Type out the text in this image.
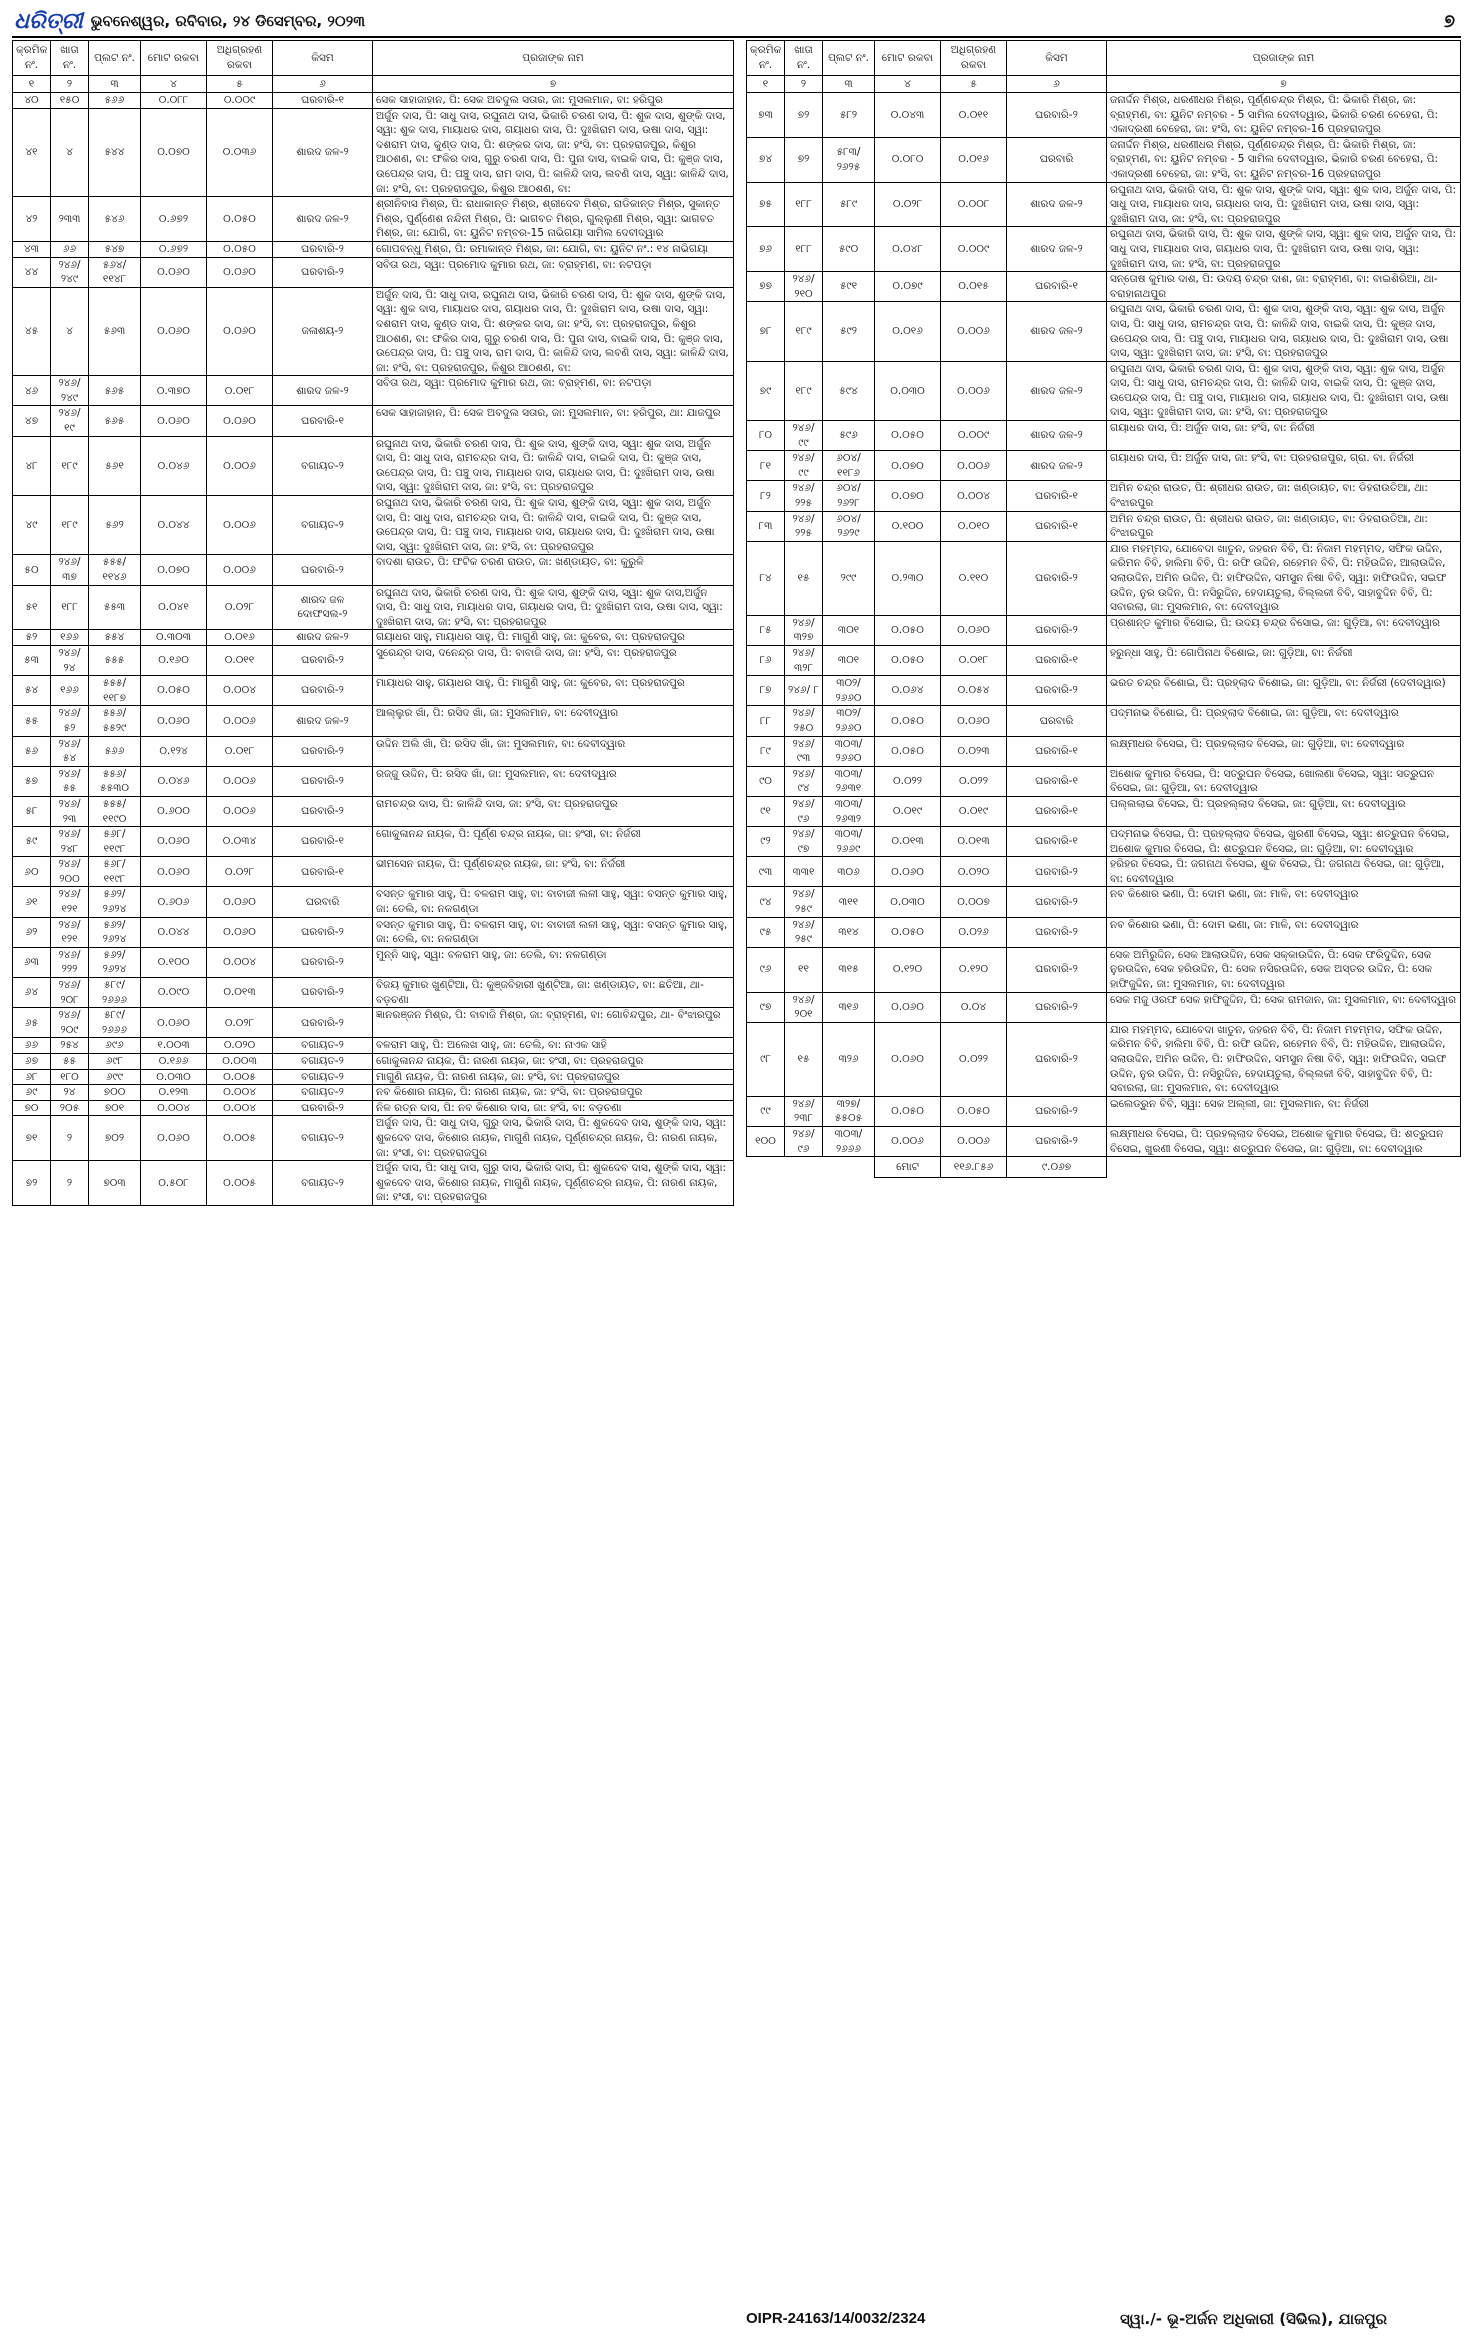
ଧରିତ୍ରୀ ଭୁବନେଶ୍ୱର, ରବିବାର, ୨୪ ଡିସେମ୍ବର, ୨୦୨୩	୭
କ୍ରମିକ ନଂ.	ଖାତା ନଂ.	ପ୍ଲଟ ନଂ.	ମୋଟ ରକବା	ଅଧିଗ୍ରହଣ ରକବା	କିସମ	ପ୍ରଜାଙ୍କ ନାମ
୧	୨	୩	୪	୫	୬	୭
୪୦	୧୫୦	୫୬୬	୦.୦୮୮	୦.୦୦୯	ଘରବାରି-୧	ସେକ ସାହାଜାହାନ, ପି: ସେକ ଅବଦୁଲ ସତାର, ଜା: ମୁସଲମାନ, ବା: ହରିପୁର
୪୧	୪	୫୪୪	୦.୦୭୦	୦.୦୩୬	ଶାରଦ ଜଳ-୨	ଅର୍ଜୁନ ଦାସ, ପି: ସାଧୁ ଦାସ, ରଘୁନାଥ ଦାସ, ଭିକାରି ଚରଣ ଦାସ, ପି: ଶୁକ ଦାସ, ଶୁଙ୍କି ଦାସ, ସ୍ୱା: ଶୁକ ଦାସ, ମାୟାଧର ଦାସ, ଗୟାଧର ଦାସ, ପି: ଦୁଃଖିରାମ ଦାସ, ଉଷା ଦାସ, ସ୍ୱା: ଦଶରାମ ଦାସ, କୁଣ୍ଡ ଦାସ, ପି: ଶଙ୍କର ଦାସ, ଜା: ହଂସି, ବା: ପ୍ରହରାଜପୁର, କିଶୁର ଆଠଶଣ, ବା: ଫକିର ଦାସ, ଗୁରୁ ଚରଣ ଦାସ, ପି: ପୁନା ଦାସ, ବାଇକି ଦାସ, ପି: କୁଞ୍ଜ ଦାସ, ଉପେନ୍ଦ୍ର ଦାସ, ପି: ପଞ୍ଚୁ ଦାସ, ରାମ ଦାସ, ପି: କାଳିନ୍ଦି ଦାସ, ଲବଣି ଦାସ, ସ୍ୱା: କାଳିନ୍ଦି ଦାସ, ଜା: ହଂସି, ବା: ପ୍ରହରାଜପୁର, କିଶୁର ଆଠଶଣ, ବା:
୪୨	୨୩୩	୫୪୬	୦.୬୭୨	୦.୦୫୦	ଶାରଦ ଜଳ-୨	ଶ୍ରୀନିବାସ ମିଶ୍ର, ପି: ରାଧାକାନ୍ତ ମିଶ୍ର, ଶ୍ରୀଦେବ ମିଶ୍ର, ରାଡିକାନ୍ତ ମିଶ୍ର, ସୁକାନ୍ତ ମିଶ୍ର, ପୁର୍ଣ୍ଣେଶ ନନ୍ଦିନୀ ମିଶ୍ର, ପି: ଭାଗବତ ମିଶ୍ର, ଗୁଲ୍ଲୁଣୀ ମିଶ୍ର, ସ୍ୱା: ଭାଗବତ ମିଶ୍ର, ଜା: ଯୋଗି, ବା: ୟୁନିଟ ନମ୍ବର-15 ନାଭିଗୟା ସାମିଲ ଦେବୀଦ୍ୱାର
୪୩	୬୬	୫୪୭	୦.୬୭୨	୦.୦୫୦	ଘରବାରି-୨	ଗୋପବନ୍ଧୁ ମିଶ୍ର, ପି: ରମାକାନ୍ତ ମିଶ୍ର, ଜା: ଯୋଗି, ବା: ୟୁନିଟ ନଂ.: ୧୪ ନାଭିଗୟା
୪୪	୨୪୬/ ୨୪୯	୫୬୪/ ୧୧୪୮	୦.୦୬୦	୦.୦୬୦	ଘରବାରି-୨	ସବିତା ରଥ, ସ୍ୱା: ପ୍ରମୋଦ କୁମାର ରଥ, ଜା: ବ୍ରାହ୍ମଣ, ବା: ନଟପଡ଼ା
୪୫	୪	୫୬୩	୦.୦୬୦	୦.୦୬୦	ଜଳାଶୟ-୨	ଅର୍ଜୁନ ଦାସ, ପି: ସାଧୁ ଦାସ, ରଘୁନାଥ ଦାସ, ଭିକାରି ଚରଣ ଦାସ, ପି: ଶୁକ ଦାସ, ଶୁଙ୍କି ଦାସ, ସ୍ୱା: ଶୁକ ଦାସ, ମାୟାଧର ଦାସ, ଗୟାଧର ଦାସ, ପି: ଦୁଃଖିରାମ ଦାସ, ଉଷା ଦାସ, ସ୍ୱା: ଦଶରାମ ଦାସ, କୁଣ୍ଡ ଦାସ, ପି: ଶଙ୍କର ଦାସ, ଜା: ହଂସି, ବା: ପ୍ରହରାଜପୁର, କିଶୁର ଆଠଶଣ, ବା: ଫକିର ଦାସ, ଗୁରୁ ଚରଣ ଦାସ, ପି: ପୁନା ଦାସ, ବାଇକି ଦାସ, ପି: କୁଞ୍ଜ ଦାସ, ଉପେନ୍ଦ୍ର ଦାସ, ପି: ପଞ୍ଚୁ ଦାସ, ରାମ ଦାସ, ପି: କାଳିନ୍ଦି ଦାସ, ଲବଣି ଦାସ, ସ୍ୱା: କାଳିନ୍ଦି ଦାସ, ଜା: ହଂସି, ବା: ପ୍ରହରାଜପୁର, କିଶୁର ଆଠଶଣ, ବା:
୪୬	୨୪୬/ ୨୪୯	୫୬୫	୦.୩୭୦	୦.୦୧୮	ଶାରଦ ଜଳ-୨	ସବିତା ରଥ, ସ୍ୱା: ପ୍ରମୋଦ କୁମାର ରଥ, ଜା: ବ୍ରାହ୍ମଣ, ବା: ନଟପଡ଼ା
୪୭	୨୪୬/ ୧୯	୫୬୫	୦.୦୬୦	୦.୦୬୦	ଘରବାରି-୧	ସେକ ସାହାଜାହାନ, ପି: ସେକ ଅବଦୁଲ ସତାର, ଜା: ମୁସଲମାନ, ବା: ହରିପୁର, ଥା: ଯାଜପୁର
୪୮	୧୮୯	୫୬୧	୦.୦୪୬	୦.୦୦୬	ବଗାୟତ-୨	ରଘୁନାଥ ଦାସ, ଭିକାରି ଚରଣ ଦାସ, ପି: ଶୁକ ଦାସ, ଶୁଙ୍କି ଦାସ, ସ୍ୱା: ଶୁକ ଦାସ, ଅର୍ଜୁନ ଦାସ, ପି: ସାଧୁ ଦାସ, ରାମଚନ୍ଦ୍ର ଦାସ, ପି: କାଳିନ୍ଦି ଦାସ, ବାଇକି ଦାସ, ପି: କୁଞ୍ଜ ଦାସ, ଉପେନ୍ଦ୍ର ଦାସ, ପି: ପଞ୍ଚୁ ଦାସ, ମାୟାଧର ଦାସ, ଗୟାଧର ଦାସ, ପି: ଦୁଃଖିରାମ ଦାସ, ଉଷା ଦାସ, ସ୍ୱା: ଦୁଃଖିରାମ ଦାସ, ଜା: ହଂସି, ବା: ପ୍ରହରାଜପୁର
୪୯	୧୮୯	୫୬୨	୦.୦୪୪	୦.୦୦୬	ବଗାୟତ-୨	ରଘୁନାଥ ଦାସ, ଭିକାରି ଚରଣ ଦାସ, ପି: ଶୁକ ଦାସ, ଶୁଙ୍କି ଦାସ, ସ୍ୱା: ଶୁକ ଦାସ, ଅର୍ଜୁନ ଦାସ, ପି: ସାଧୁ ଦାସ, ରାମଚନ୍ଦ୍ର ଦାସ, ପି: କାଳିନ୍ଦି ଦାସ, ବାଇକି ଦାସ, ପି: କୁଞ୍ଜ ଦାସ, ଉପେନ୍ଦ୍ର ଦାସ, ପି: ପଞ୍ଚୁ ଦାସ, ମାୟାଧର ଦାସ, ଗୟାଧର ଦାସ, ପି: ଦୁଃଖିରାମ ଦାସ, ଉଷା ଦାସ, ସ୍ୱା: ଦୁଃଖିରାମ ଦାସ, ଜା: ହଂସି, ବା: ପ୍ରହରାଜପୁର
୫୦	୨୪୬/ ୩୭	୫୫୫/ ୧୧୪୬	୦.୦୭୦	୦.୦୦୬	ଘରବାରି-୨	ବାଦଶା ରାଉତ, ପି: ଫଟିକ ଚରଣ ରାଉତ, ଜା: ଖଣ୍ଡାୟତ, ବା: କୁରୁଳି
୫୧	୧୮୮	୫୫୩	୦.୦୪୧	୦.୦୨୮	ଶାରଦ ଜଳ ଦୋଫସଲ-୨	ରଘୁନାଥ ଦାସ, ଭିକାରି ଚରଣ ଦାସ, ପି: ଶୁକ ଦାସ, ଶୁଙ୍କି ଦାସ, ସ୍ୱା: ଶୁକ ଦାସ,ଅର୍ଜୁନ ଦାସ, ପି: ସାଧୁ ଦାସ, ମାୟାଧର ଦାସ, ଗୟାଧର ଦାସ, ପି: ଦୁଃଖିରାମ ଦାସ, ଉଷା ଦାସ, ସ୍ୱା: ଦୁଃଖିରାମ ଦାସ, ଜା: ହଂସି, ବା: ପ୍ରହରାଜପୁର
୫୨	୧୬୬	୫୫୪	୦.୩୦୩	୦.୦୧୬	ଶାରଦ ଜଳ-୨	ଗୟାଧର ସାହୁ, ମାୟାଧର ସାହୁ, ପି: ମାଗୁଣି ସାହୁ, ଜା: କୁବେର, ବା: ପ୍ରହରାଜପୁର
୫୩	୨୪୬/ ୨୪	୫୫୫	୦.୧୬୦	୦.୦୧୧	ଘରବାରି-୨	ସୁରେନ୍ଦ୍ର ଦାସ, ଦନେନ୍ଦ୍ର ଦାସ, ପି: ବାବାଜି ଦାସ, ଜା: ହଂସି, ବା: ପ୍ରହରାଜପୁର
୫୪	୧୬୬	୫୫୫/ ୧୧୮୭	୦.୦୫୦	୦.୦୦୪	ଘରବାରି-୨	ମାୟାଧର ସାହୁ, ଗୟାଧର ସାହୁ, ପି: ମାଗୁଣି ସାହୁ, ଜା: କୁବେର, ବା: ପ୍ରହରାଜପୁର
୫୫	୨୪୬/ ୫୨	୫୫୬/ ୫୫୨୯	୦.୦୬୦	୦.୦୦୬	ଶାରଦ ଜଳ-୨	ଆଲ୍ଲୁର ଖାଁ, ପି: ରସିଦ ଖାଁ, ଜା: ମୁସଲମାନ, ବା: ଦେବୀଦ୍ୱାର
୫୬	୨୪୬/ ୫୪	୫୬୬	୦.୧୨୪	୦.୦୧୮	ଘରବାରି-୨	ଉଦ୍ଦିନ ଅଲି ଖାଁ, ପି: ରସିଦ ଖାଁ, ଜା: ମୁସଲମାନ, ବା: ଦେବୀଦ୍ୱାର
୫୭	୨୪୬/ ୫୫	୫୫୬/ ୫୫୩୦	୦.୦୪୬	୦.୦୦୬	ଘରବାରି-୨	ରଜ୍ଜୁ ଉଦ୍ଦିନ, ପି: ରସିଦ ଖାଁ, ଜା: ମୁସଲମାନ, ବା: ଦେବୀଦ୍ୱାର
୫୮	୨୪୬/ ୨୩	୫୫୫/ ୧୧୯୦	୦.୬୦୦	୦.୦୦୬	ଘରବାରି-୨	ରାମଚନ୍ଦ୍ର ଦାସ, ପି: କାଳିନ୍ଦି ଦାସ, ଜା: ହଂସି, ବା: ପ୍ରହରାଜପୁର
୫୯	୨୪୬/ ୨୪୮	୫୬୮/ ୧୧୯୮	୦.୦୬୦	୦.୦୩୪	ଘରବାରି-୧	ଗୋକୁଳାନନ୍ଦ ନାୟକ, ପି: ପୂର୍ଣ୍ଣ ଚନ୍ଦ୍ର ନାୟକ, ଜା: ହଂସୀ, ବା: ନିର୍ଜରୀ
୬୦	୨୪୬/ ୨୦୦	୫୬୮/ ୧୧୯୮	୦.୦୬୦	୦.୦୨୮	ଘରବାରି-୧	ଭୀମସେନ ନାୟକ, ପି: ପୂର୍ଣ୍ଣଚନ୍ଦ୍ର ନାୟକ, ଜା: ହଂସି, ବା: ନିର୍ଜରୀ
୬୧	୨୪୬/ ୧୨୧	୫୬୨/ ୨୬୨୪	୦.୬୦୬	୦.୦୬୦	ଘରବାରି	ବସନ୍ତ କୁମାର ସାହୁ, ପି: ବଳରାମ ସାହୁ, ବା: ବାବାଜୀ ଲଳୀ ସାହୁ, ସ୍ୱା: ବସନ୍ତ କୁମାର ସାହୁ, ଜା: ତେଲି, ବା: ନଳଗଣ୍ଡା
୬୨	୨୪୬/ ୧୨୧	୫୬୨/ ୨୬୨୪	୦.୦୪୪	୦.୦୬୦	ଘରବାରି-୨	ବସନ୍ତ କୁମାର ସାହୁ, ପି: ବଳରାମ ସାହୁ, ବା: ବାବାଜୀ ଲଳୀ ସାହୁ, ସ୍ୱା: ବସନ୍ତ କୁମାର ସାହୁ, ଜା: ତେଲି, ବା: ନଳଗଣ୍ଡା
୬୩	୨୪୬/ ୨୨୨	୫୬୨/ ୨୬୨୪	୦.୧୦୦	୦.୦୦୪	ଘରବାରି-୨	ମୁନ୍ନି ସାହୁ, ସ୍ୱା: ବଳରାମ ସାହୁ, ଜା: ତେଲି, ବା: ନଳଗଣ୍ଡା
୬୪	୨୪୬/ ୨୦୮	୫୮୯/ ୨୬୬୬	୦.୦୯୦	୦.୦୧୩	ଘରବାରି-୨	ବିଜୟ କୁମାର ଖୁଣ୍ଟିଆ, ପି: କୁଞ୍ଜବିହାରୀ ଖୁଣ୍ଟିଆ, ଜା: ଖଣ୍ଡାୟତ, ବା: ଛତିଆ, ଥା- ବଡ଼ଚଣା
୬୫	୨୪୬/ ୨୦୯	୫୮୯/ ୨୬୬୬	୦.୦୬୦	୦.୦୨୮	ଘରବାରି-୨	ଜ୍ଞାନରଞ୍ଜନ ମିଶ୍ର, ପି: ବାବାଜି ମିଶ୍ର, ଜା: ବ୍ରାହ୍ମଣ, ବା: ଗୋବିନ୍ଦପୁର, ଥା- ବିଂଝାରପୁର
୬୬	୨୫୪	୬୯୬	୧.୦୦୩	୦.୦୨୦	ବଗାୟତ-୨	ବଳରାମ ସାହୁ, ପି: ଅଲେଖ ସାହୁ, ଜା: ତେଲି, ବା: ନାଏକ ସାହି
୬୭	୫୫	୬୯୮	୦.୧୬୬	୦.୦୦୩	ବଗାୟତ-୨	ଗୋକୁଳାନନ୍ଦ ନାୟକ, ପି: ନାରଣ ନାୟକ, ଜା: ହଂସୀ, ବା: ପ୍ରହରାଜପୁର
୬୮	୧୮୦	୬୯୯	୦.୦୩୦	୦.୦୦୫	ବଗାୟତ-୨	ମାଗୁଣି ନାୟକ, ପି: ନାରଣ ନାୟକ, ଜା: ହଂସି, ବା: ପ୍ରହରାଜପୁର
୬୯	୨୪	୭୦୦	୦.୧୨୩	୦.୦୦୪	ବଗାୟତ-୨	ନବ କିଶୋର ନାୟକ, ପି: ନାରଣ ନାୟକ, ଜା: ହଂସି, ବା: ପ୍ରହରାଜପୁର
୭୦	୨୦୫	୭୦୧	୦.୦୦୪	୦.୦୦୪	ଘରବାରି-୨	ନିଳ ରତ୍ନ ଦାସ, ପି: ନବ କିଶୋର ଦାସ, ଜା: ହଂସି, ବା: ବଡ଼ଚଣା
୭୧	୨	୭୦୨	୦.୦୬୦	୦.୦୦୫	ବଗାୟତ-୨	ଅର୍ଜୁନ ଦାସ, ପି: ସାଧୁ ଦାସ, ଗୁରୁ ଦାସ, ଭିକାରି ଦାସ, ପି: ଶୁକଦେବ ଦାସ, ଶୁଙ୍କି ଦାସ, ସ୍ୱା: ଶୁକଦେବ ଦାସ, କିଶୋର ନାୟକ, ମାଗୁଣି ନାୟକ, ପୂର୍ଣ୍ଣଚନ୍ଦ୍ର ନାୟକ, ପି: ନାରଣ ନାୟକ, ଜା: ହଂସୀ, ବା: ପ୍ରହରାଜପୁର
୭୨	୨	୭୦୩	୦.୫୦୮	୦.୦୦୫	ବଗାୟତ-୨	ଅର୍ଜୁନ ଦାସ, ପି: ସାଧୁ ଦାସ, ଗୁରୁ ଦାସ, ଭିକାରି ଦାସ, ପି: ଶୁକଦେବ ଦାସ, ଶୁଙ୍କି ଦାସ, ସ୍ୱା: ଶୁକଦେବ ଦାସ, କିଶୋର ନାୟକ, ମାଗୁଣି ନାୟକ, ପୂର୍ଣ୍ଣଚନ୍ଦ୍ର ନାୟକ, ପି: ନାରଣ ନାୟକ, ଜା: ହଂସୀ, ବା: ପ୍ରହରାଜପୁର
କ୍ରମିକ ନଂ.	ଖାତା ନଂ.	ପ୍ଲଟ ନଂ.	ମୋଟ ରକବା	ଅଧିଗ୍ରହଣ ରକବା	କିସମ	ପ୍ରଜାଙ୍କ ନାମ
୧	୨	୩	୪	୫	୬	୭
୭୩	୭୨	୫୮୨	୦.୦୪୩	୦.୦୧୧	ଘରବାରି-୨	ଜନାର୍ଦ୍ଦନ ମିଶ୍ର, ଧରଣୀଧର ମିଶ୍ର, ପୂର୍ଣ୍ଣଚନ୍ଦ୍ର ମିଶ୍ର, ପି: ଭିକାରି ମିଶ୍ର, ଜା: ବ୍ରାହ୍ମଣ, ବା: ୟୁନିଟ ନମ୍ବର - 5 ସାମିଲ ଦେବୀଦ୍ୱାର, ଭିକାରି ଚରଣ ବେହେରା, ପି: ଏକାଦ୍ରଶୀ ବେହେରା, ଜା: ହଂସି, ବା: ୟୁନିଟ ନମ୍ବର-16 ପ୍ରହରାଜପୁର
୭୪	୭୨	୫୮୩/ ୨୬୨୫	୦.୦୮୦	୦.୦୧୬	ଘରବାରି	ଜନାର୍ଦ୍ଦନ ମିଶ୍ର, ଧରଣୀଧର ମିଶ୍ର, ପୂର୍ଣ୍ଣଚନ୍ଦ୍ର ମିଶ୍ର, ପି: ଭିକାରି ମିଶ୍ର, ଜା: ବ୍ରାହ୍ମଣ, ବା: ୟୁନିଟ ନମ୍ବର - 5 ସାମିଲ ଦେବୀଦ୍ୱାର, ଭିକାରି ଚରଣ ବେହେରା, ପି: ଏକାଦ୍ରଶୀ ବେହେରା, ଜା: ହଂସି, ବା: ୟୁନିଟ ନମ୍ବର-16 ପ୍ରହରାଜପୁର
୭୫	୧୮୮	୫୮୯	୦.୦୨୮	୦.୦୦୮	ଶାରଦ ଜଳ-୨	ରଘୁନାଥ ଦାସ, ଭିକାରି ଦାସ, ପି: ଶୁକ ଦାସ, ଶୁଙ୍କି ଦାସ, ସ୍ୱା: ଶୁକ ଦାସ, ଅର୍ଜୁନ ଦାସ, ପି: ସାଧୁ ଦାସ, ମାୟାଧର ଦାସ, ଗୟାଧର ଦାସ, ପି: ଦୁଃଖିରାମ ଦାସ, ଉଷା ଦାସ, ସ୍ୱା: ଦୁଃଖିରାମ ଦାସ, ଜା: ହଂସି, ବା: ପ୍ରହରାଜପୁର
୭୬	୧୮୮	୫୯୦	୦.୦୪୮	୦.୦୦୯	ଶାରଦ ଜଳ-୨	ରଘୁନାଥ ଦାସ, ଭିକାରି ଦାସ, ପି: ଶୁକ ଦାସ, ଶୁଙ୍କି ଦାସ, ସ୍ୱା: ଶୁକ ଦାସ, ଅର୍ଜୁନ ଦାସ, ପି: ସାଧୁ ଦାସ, ମାୟାଧର ଦାସ, ଗୟାଧର ଦାସ, ପି: ଦୁଃଖିରାମ ଦାସ, ଉଷା ଦାସ, ସ୍ୱା: ଦୁଃଖିରାମ ଦାସ, ଜା: ହଂସି, ବା: ପ୍ରହରାଜପୁର
୭୭	୨୪୬/ ୨୧୦	୫୯୧	୦.୦୭୯	୦.୦୧୫	ଘରବାରି-୧	ସନ୍ତୋଷ କୁମାର ଦାଶ, ପି: ଉଦୟ ଚନ୍ଦ୍ର ଦାଶ, ଜା: ବ୍ରାହ୍ମଣ, ବା: ବାଇଶିରିଆ, ଥା- ବରାହାନାଥପୁର
୭୮	୧୮୯	୫୯୨	୦.୦୧୬	୦.୦୦୬	ଶାରଦ ଜଳ-୨	ରଘୁନାଥ ଦାସ, ଭିକାରି ଚରଣ ଦାସ, ପି: ଶୁକ ଦାସ, ଶୁଙ୍କି ଦାସ, ସ୍ୱା: ଶୁକ ଦାସ, ଅର୍ଜୁନ ଦାସ, ପି: ସାଧୁ ଦାସ, ରାମଚନ୍ଦ୍ର ଦାସ, ପି: କାଳିନ୍ଦି ଦାସ, ବାଇକି ଦାସ, ପି: କୁଞ୍ଜ ଦାସ, ଉପେନ୍ଦ୍ର ଦାସ, ପି: ପଞ୍ଚୁ ଦାସ, ମାୟାଧର ଦାସ, ଗୟାଧର ଦାସ, ପି: ଦୁଃଖିରାମ ଦାସ, ଉଷା ଦାସ, ସ୍ୱା: ଦୁଃଖିରାମ ଦାସ, ଜା: ହଂସି, ବା: ପ୍ରହରାଜପୁର
୭୯	୧୮୯	୫୯୪	୦.୦୩୦	୦.୦୦୬	ଶାରଦ ଜଳ-୨	ରଘୁନାଥ ଦାସ, ଭିକାରି ଚରଣ ଦାସ, ପି: ଶୁକ ଦାସ, ଶୁଙ୍କି ଦାସ, ସ୍ୱା: ଶୁକ ଦାସ, ଅର୍ଜୁନ ଦାସ, ପି: ସାଧୁ ଦାସ, ରାମଚନ୍ଦ୍ର ଦାସ, ପି: କାଳିନ୍ଦି ଦାସ, ବାଇକି ଦାସ, ପି: କୁଞ୍ଜ ଦାସ, ଉପେନ୍ଦ୍ର ଦାସ, ପି: ପଞ୍ଚୁ ଦାସ, ମାୟାଧର ଦାସ, ଗୟାଧର ଦାସ, ପି: ଦୁଃଖିରାମ ଦାସ, ଉଷା ଦାସ, ସ୍ୱା: ଦୁଃଖିରାମ ଦାସ, ଜା: ହଂସି, ବା: ପ୍ରହରାଜପୁର
୮୦	୨୪୬/ ୯୯	୫୯୬	୦.୦୫୦	୦.୦୦୯	ଶାରଦ ଜଳ-୨	ଗୟାଧର ଦାସ, ପି: ଅର୍ଜୁନ ଦାସ, ଜା: ହଂସି, ବା: ନିର୍ଜରୀ
୮୧	୨୪୬/ ୯୯	୬୦୪/ ୧୧୮୬	୦.୦୭୦	୦.୦୦୬	ଶାରଦ ଜଳ-୨	ଗୟାଧର ଦାସ, ପି: ଅର୍ଜୁନ ଦାସ, ଜା: ହଂସି, ବା: ପ୍ରହରାଜପୁର, ଗ୍ରା. ବା. ନିର୍ଜରୀ
୮୨	୨୪୬/ ୨୨୫	୬୦୪/ ୨୬୨୮	୦.୦୭୦	୦.୦୦୪	ଘରବାରି-୧	ଅମିନ ଚନ୍ଦ୍ର ରାଉତ, ପି: ଶ୍ରୀଧର ରାଉତ, ଜା: ଖଣ୍ଡାୟତ, ବା: ଡିହରାଉତିଆ, ଥା: ବିଂଝାରପୁର
୮୩	୨୪୬/ ୨୨୫	୬୦୪/ ୨୬୨୯	୦.୧୦୦	୦.୦୧୦	ଘରବାରି-୧	ଅମିନ ଚନ୍ଦ୍ର ରାଉତ, ପି: ଶ୍ରୀଧର ରାଉତ, ଜା: ଖଣ୍ଡାୟତ, ବା: ଡିହରାଉତିଆ, ଥା: ବିଂଝାରପୁର
୮୪	୧୫	୨୯୯	୦.୨୩୦	୦.୧୧୦	ଘରବାରି-୨	ଯାର ମହମ୍ମଦ, ଯୋବେଦା ଖାତୁନ, ଜହରନ ବିବି, ପି: ନିଜାମ ମହମ୍ମଦ, ସଫିକ ଉଦ୍ଦିନ, କରିମନ ବିବି, ହାଲିମା ବିବି, ପି: ରଫି ଉଦ୍ଦିନ, ରହେମନ ବିବି, ପି: ମହିଉଦ୍ଦିନ, ଆଲାଉଦ୍ଦିନ, ସଲାଉଦ୍ଦିନ, ଅମିନ ଉଦ୍ଦିନ, ପି: ହାଫିଉଦ୍ଦିନ, ସମସୁନ ନିଷା ବିବି, ସ୍ୱା: ହାଫିଉଦ୍ଦିନ, ସଇଫ ଉଦ୍ଦିନ, ନୁର ଉଦ୍ଦିନ, ପି: ନସିରୁଦ୍ଦିନ, ହେଦାୟତୁଲା, ବିଲ୍ଲକୀ ବିବି, ସାହାବୁଦ୍ଦିନ ବିବି, ପି: ସବାରଲା, ଜା: ମୁସଲମାନ, ବା: ଦେବୀଦ୍ୱାର
୮୫	୨୪୬/ ୩୨୭	୩୦୧	୦.୦୫୦	୦.୦୬୦	ଘରବାରି-୨	ପ୍ରଶାନ୍ତ କୁମାର ବିସୋଇ, ପି: ଉଦୟ ଚନ୍ଦ୍ର ବିସୋଇ, ଜା: ଗୁଡ଼ିଆ, ବା: ଦେବୀଦ୍ୱାର
୮୬	୨୪୬/ ୩୨୮	୩୦୧	୦.୦୫୦	୦.୦୧୮	ଘରବାରି-୧	ହରୁନ୍ଧା ସାହୁ, ପି: ଗୋପିନାଥ ବିଶୋଇ, ଜା: ଗୁଡ଼ିଆ, ବା: ନିର୍ଜରୀ
୮୭	୨୪୬/ ୮	୩୦୨/ ୨୬୬୦	୦.୦୬୪	୦.୦୫୪	ଘରବାରି-୨	ଭରତ ଚନ୍ଦ୍ର ବିଶୋଇ, ପି: ପ୍ରହ୍ଲାଦ ବିଶୋଇ, ଜା: ଗୁଡ଼ିଆ, ବା: ନିର୍ଜରୀ (ଦେବୀଦ୍ୱାର)
୮୮	୨୪୬/ ୨୫୦	୩୦୨/ ୨୬୬୦	୦.୦୫୦	୦.୦୬୦	ଘରବାରି	ପଦ୍ମନାଭ ବିଶୋଇ, ପି: ପ୍ରହ୍ଲାଦ ବିଶୋଇ, ଜା: ଗୁଡ଼ିଆ, ବା: ଦେବୀଦ୍ୱାର
୮୯	୨୪୬/ ୯୩	୩୦୩/ ୨୬୬୦	୦.୦୫୦	୦.୦୨୩	ଘରବାରି-୧	ଲକ୍ଷ୍ମୀଧର ବିସେଇ, ପି: ପ୍ରହଲ୍ଲାଦ ବିସେଇ, ଜା: ଗୁଡ଼ିଆ, ବା: ଦେବୀଦ୍ୱାର
୯୦	୨୪୬/ ୯୪	୩୦୩/ ୨୬୩୧	୦.୦୨୨	୦.୦୨୨	ଘରବାରି-୧	ଅଶୋକ କୁମାର ବିସେଇ, ପି: ସତ୍ରୁଘନ ବିସେଇ, ଖୋଲଣା ବିସେଇ, ସ୍ୱା: ସତ୍ରୁଘନ ବିସେଇ, ଜା: ଗୁଡ଼ିଆ, ବା: ଦେବୀଦ୍ୱାର
୯୧	୨୪୬/ ୯୬	୩୦୩/ ୨୬୩୨	୦.୦୧୯	୦.୦୧୯	ଘରବାରି-୧	ପଲ୍ଲଲାଇ ବିସେଇ, ପି: ପ୍ରହଲ୍ଲାଦ ବିସେଇ, ଜା: ଗୁଡ଼ିଆ, ବା: ଦେବୀଦ୍ୱାର
୯୨	୨୪୬/ ୯୭	୩୦୩/ ୨୬୬୯	୦.୦୧୩	୦.୦୧୩	ଘରବାରି-୧	ପଦ୍ମନାଭ ବିସେଇ, ପି: ପ୍ରହଲ୍ଲାଦ ବିସେଇ, ଖୁରଣୀ ବିସେଇ, ସ୍ୱା: ଶତ୍ରୁଘନ ବିସେଇ, ଅଶୋକ କୁମାର ବିସେଇ, ପି: ଶତ୍ରୁଘନ ବିସେଇ, ଜା: ଗୁଡ଼ିଆ, ବା: ଦେବୀଦ୍ୱାର
୯୩	୩୩୧	୩୦୬	୦.୦୬୦	୦.୦୨୦	ଘରବାରି-୨	ହରିହର ବିସେଇ, ପି: ଜଗନାଥ ବିସେଇ, ଶୁକ ବିସେଇ, ପି: ଜଗନାଥ ବିସେଇ, ଜା: ଗୁଡ଼ିଆ, ବା: ଦେବୀଦ୍ୱାର
୯୪	୨୪୬/ ୨୫୯	୩୧୧	୦.୦୩୦	୦.୦୦୭	ଘରବାରି-୨	ନବ କିଶୋର ଭଣା, ପି: ଦୋମ ଭଣା, ଜା: ମାଳି, ବା: ଦେବୀଦ୍ୱାର
୯୫	୨୪୬/ ୨୫୯	୩୧୪	୦.୦୫୦	୦.୦୨୬	ଘରବାରି-୨	ନବ କିଶୋର ଭଣା, ପି: ଦୋମ ଭଣା, ଜା: ମାଳି, ବା: ଦେବୀଦ୍ୱାର
୯୬	୧୧	୩୧୫	୦.୧୨୦	୦.୧୨୦	ଘରବାରି-୨	ସେକ ଅମିରୁଦ୍ଦିନ, ସେକ ଆଲାଉଦ୍ଦିନ, ସେକ ସକ୍କାଉଦ୍ଦିନ, ପି: ସେକ ଫରିଦୁଦ୍ଦିନ, ସେକ ନୁରଉଦ୍ଦିନ, ସେକ ହରିଉଦ୍ଦିନ, ପି: ସେକ ନସିରଉଦ୍ଦିନ, ସେକ ଅସ୍ତର ଉଦ୍ଦିନ, ପି: ସେକ ହାଫିଜୁଦ୍ଦିନ, ଜା: ମୁସଲମାନ, ବା: ଦେବୀଦ୍ୱାର
୯୭	୨୪୬/ ୨୦୧	୩୧୬	୦.୦୬୦	୦.୦୪	ଘରବାରି-୨	ସେକ ମଜୁ ଓରଫ ସେକ ହାଫିଜୁଦ୍ଦିନ, ପି: ସେକ ରାମଜାନ, ଜା: ମୁସଲମାନ, ବା: ଦେବୀଦ୍ୱାର
୯୮	୧୫	୩୨୬	୦.୦୬୦	୦.୦୨୨	ଘରବାରି-୨	ଯାର ମହମ୍ମଦ, ଯୋବେଦା ଖାତୁନ, ଜହରନ ବିବି, ପି: ନିଜାମ ମହମ୍ମଦ, ସଫିକ ଉଦ୍ଦିନ, କରିମନ ବିବି, ହାଲିମା ବିବି, ପି: ରଫି ଉଦ୍ଦିନ, ରହେମନ ବିବି, ପି: ମହିଉଦ୍ଦିନ, ଆଲାଉଦ୍ଦିନ, ସଲାଉଦ୍ଦିନ, ଅମିନ ଉଦ୍ଦିନ, ପି: ହାଫିଉଦ୍ଦିନ, ସମସୁନ ନିଷା ବିବି, ସ୍ୱା: ହାଫିଉଦ୍ଦିନ, ସଇଫ ଉଦ୍ଦିନ, ନୁର ଉଦ୍ଦିନ, ପି: ନସିରୁଦ୍ଦିନ, ହେଦାୟତୁଲା, ବିଲ୍ଲକୀ ବିବି, ସାହାବୁଦ୍ଦିନ ବିବି, ପି: ସବାରଲା, ଜା: ମୁସଲମାନ, ବା: ଦେବୀଦ୍ୱାର
୯୯	୨୪୬/ ୨୩୮	୩୨୭/ ୫୫୦୫	୦.୦୫୦	୦.୦୫୦	ଘରବାରି-୨	ଇଲେଡ୍ରୁନ ବିବି, ସ୍ୱା: ସେକ ଅଲ୍ଲୀ, ଜା: ମୁସଲମାନ, ବା: ନିର୍ଜରୀ
୧୦୦	୨୪୬/ ୯୬	୩୦୩/ ୨୬୬୬	୦.୦୦୬	୦.୦୦୬	ଘରବାରି-୨	ଲକ୍ଷ୍ମୀଧର ବିସେଇ, ପି: ପ୍ରହଲ୍ଲାଦ ବିସେଇ, ଅଶୋକ କୁମାର ବିସେଇ, ପି: ଶତ୍ରୁଘନ ବିସେଇ, ଖୁରଣୀ ବିସେଇ, ସ୍ୱା: ଶତ୍ରୁଘନ ବିସେଇ, ଜା: ଗୁଡ଼ିଆ, ବା: ଦେବୀଦ୍ୱାର
			ମୋଟ	୧୧୬.୮୫୬	୯.୦୬୭	
OIPR-24163/14/0032/2324	ସ୍ୱା./- ଭୂ-ଅର୍ଜନ ଅଧିକାରୀ (ସିଭିଲ), ଯାଜପୁର
